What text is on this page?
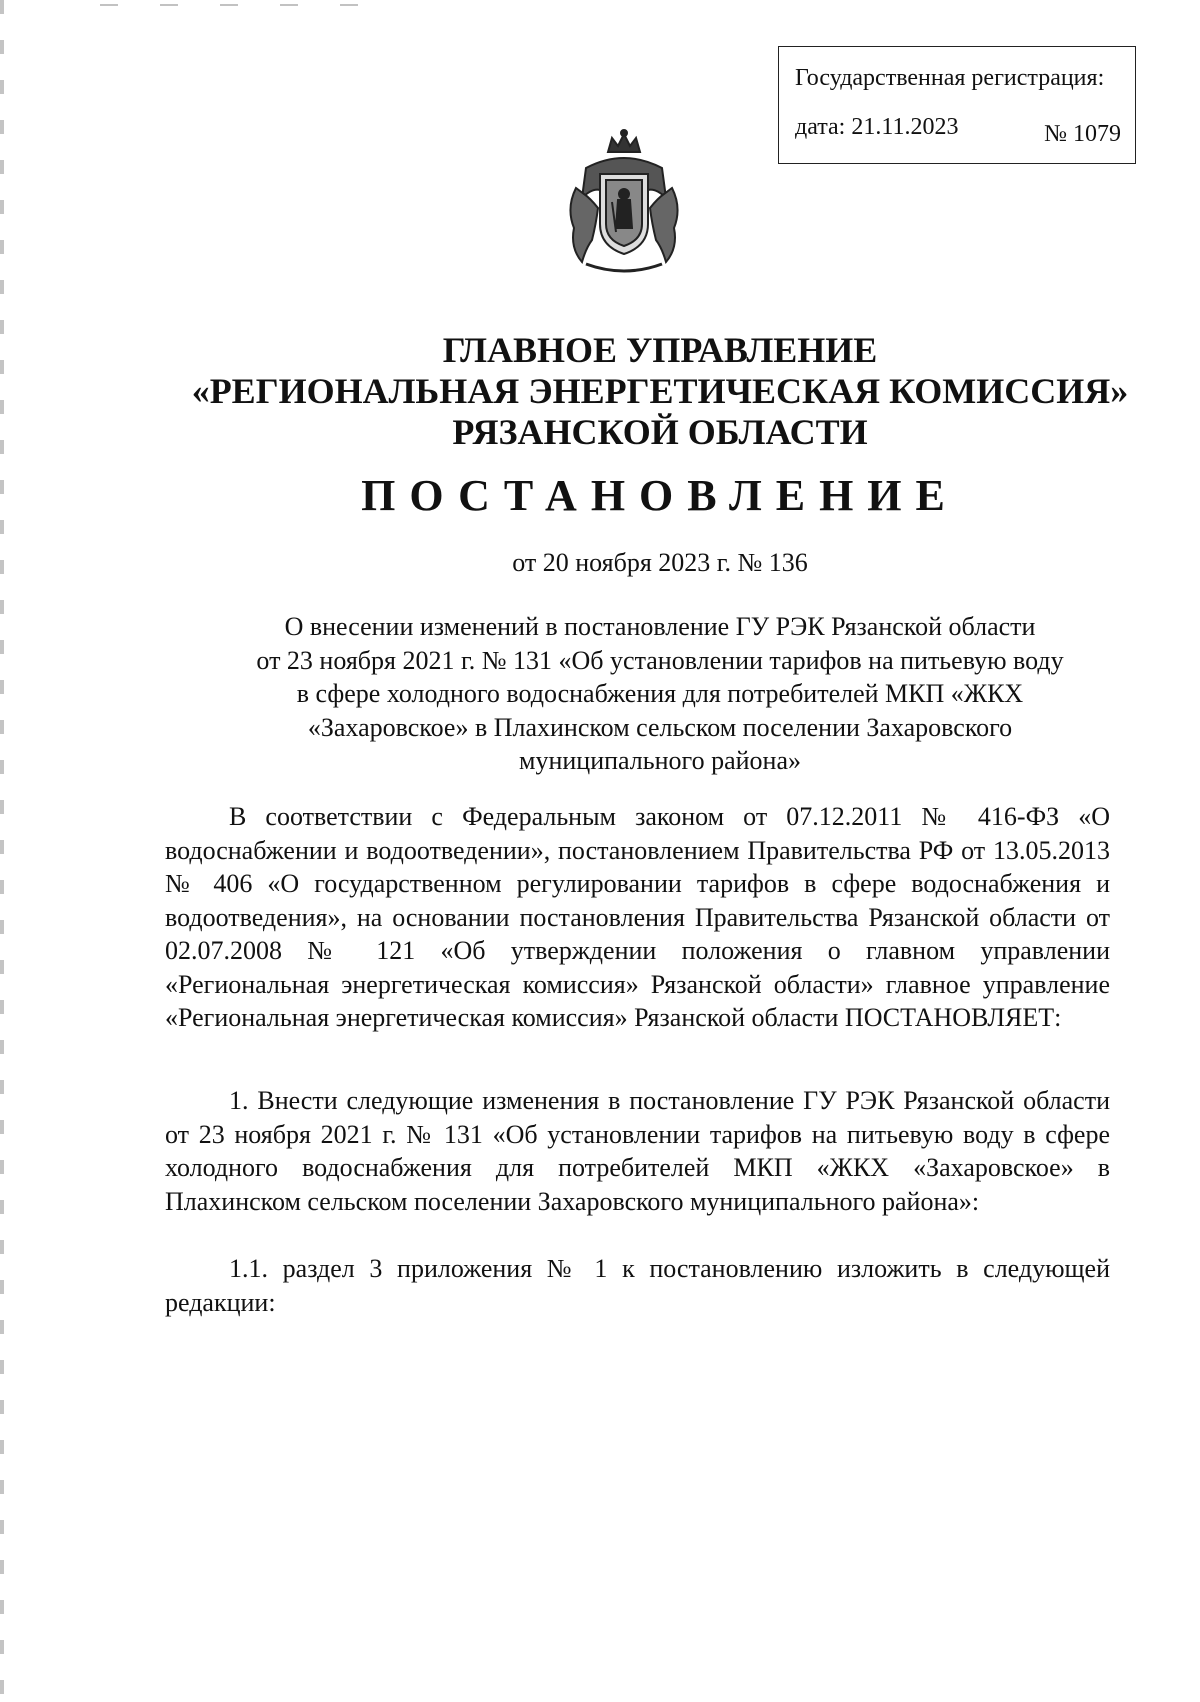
Государственная регистрация:
дата: 21.11.2023	№ 1079
ГЛАВНОЕ УПРАВЛЕНИЕ
«РЕГИОНАЛЬНАЯ ЭНЕРГЕТИЧЕСКАЯ КОМИССИЯ»
РЯЗАНСКОЙ ОБЛАСТИ
ПОСТАНОВЛЕНИЕ
от 20 ноября 2023 г. № 136
О внесении изменений в постановление ГУ РЭК Рязанской области
от 23 ноября 2021 г. № 131 «Об установлении тарифов на питьевую воду
в сфере холодного водоснабжения для потребителей МКП «ЖКХ
«Захаровское» в Плахинском сельском поселении Захаровского
муниципального района»

В соответствии с Федеральным законом от 07.12.2011 № 416-ФЗ «О водоснабжении и водоотведении», постановлением Правительства РФ от 13.05.2013 № 406 «О государственном регулировании тарифов в сфере водоснабжения и водоотведения», на основании постановления Правительства Рязанской области от 02.07.2008 № 121 «Об утверждении положения о главном управлении «Региональная энергетическая комиссия» Рязанской области» главное управление «Региональная энергетическая комиссия» Рязанской области ПОСТАНОВЛЯЕТ:

1. Внести следующие изменения в постановление ГУ РЭК Рязанской области от 23 ноября 2021 г. № 131 «Об установлении тарифов на питьевую воду в сфере холодного водоснабжения для потребителей МКП «ЖКХ «Захаровское» в Плахинском сельском поселении Захаровского муниципального района»:

1.1. раздел 3 приложения № 1 к постановлению изложить в следующей редакции:
